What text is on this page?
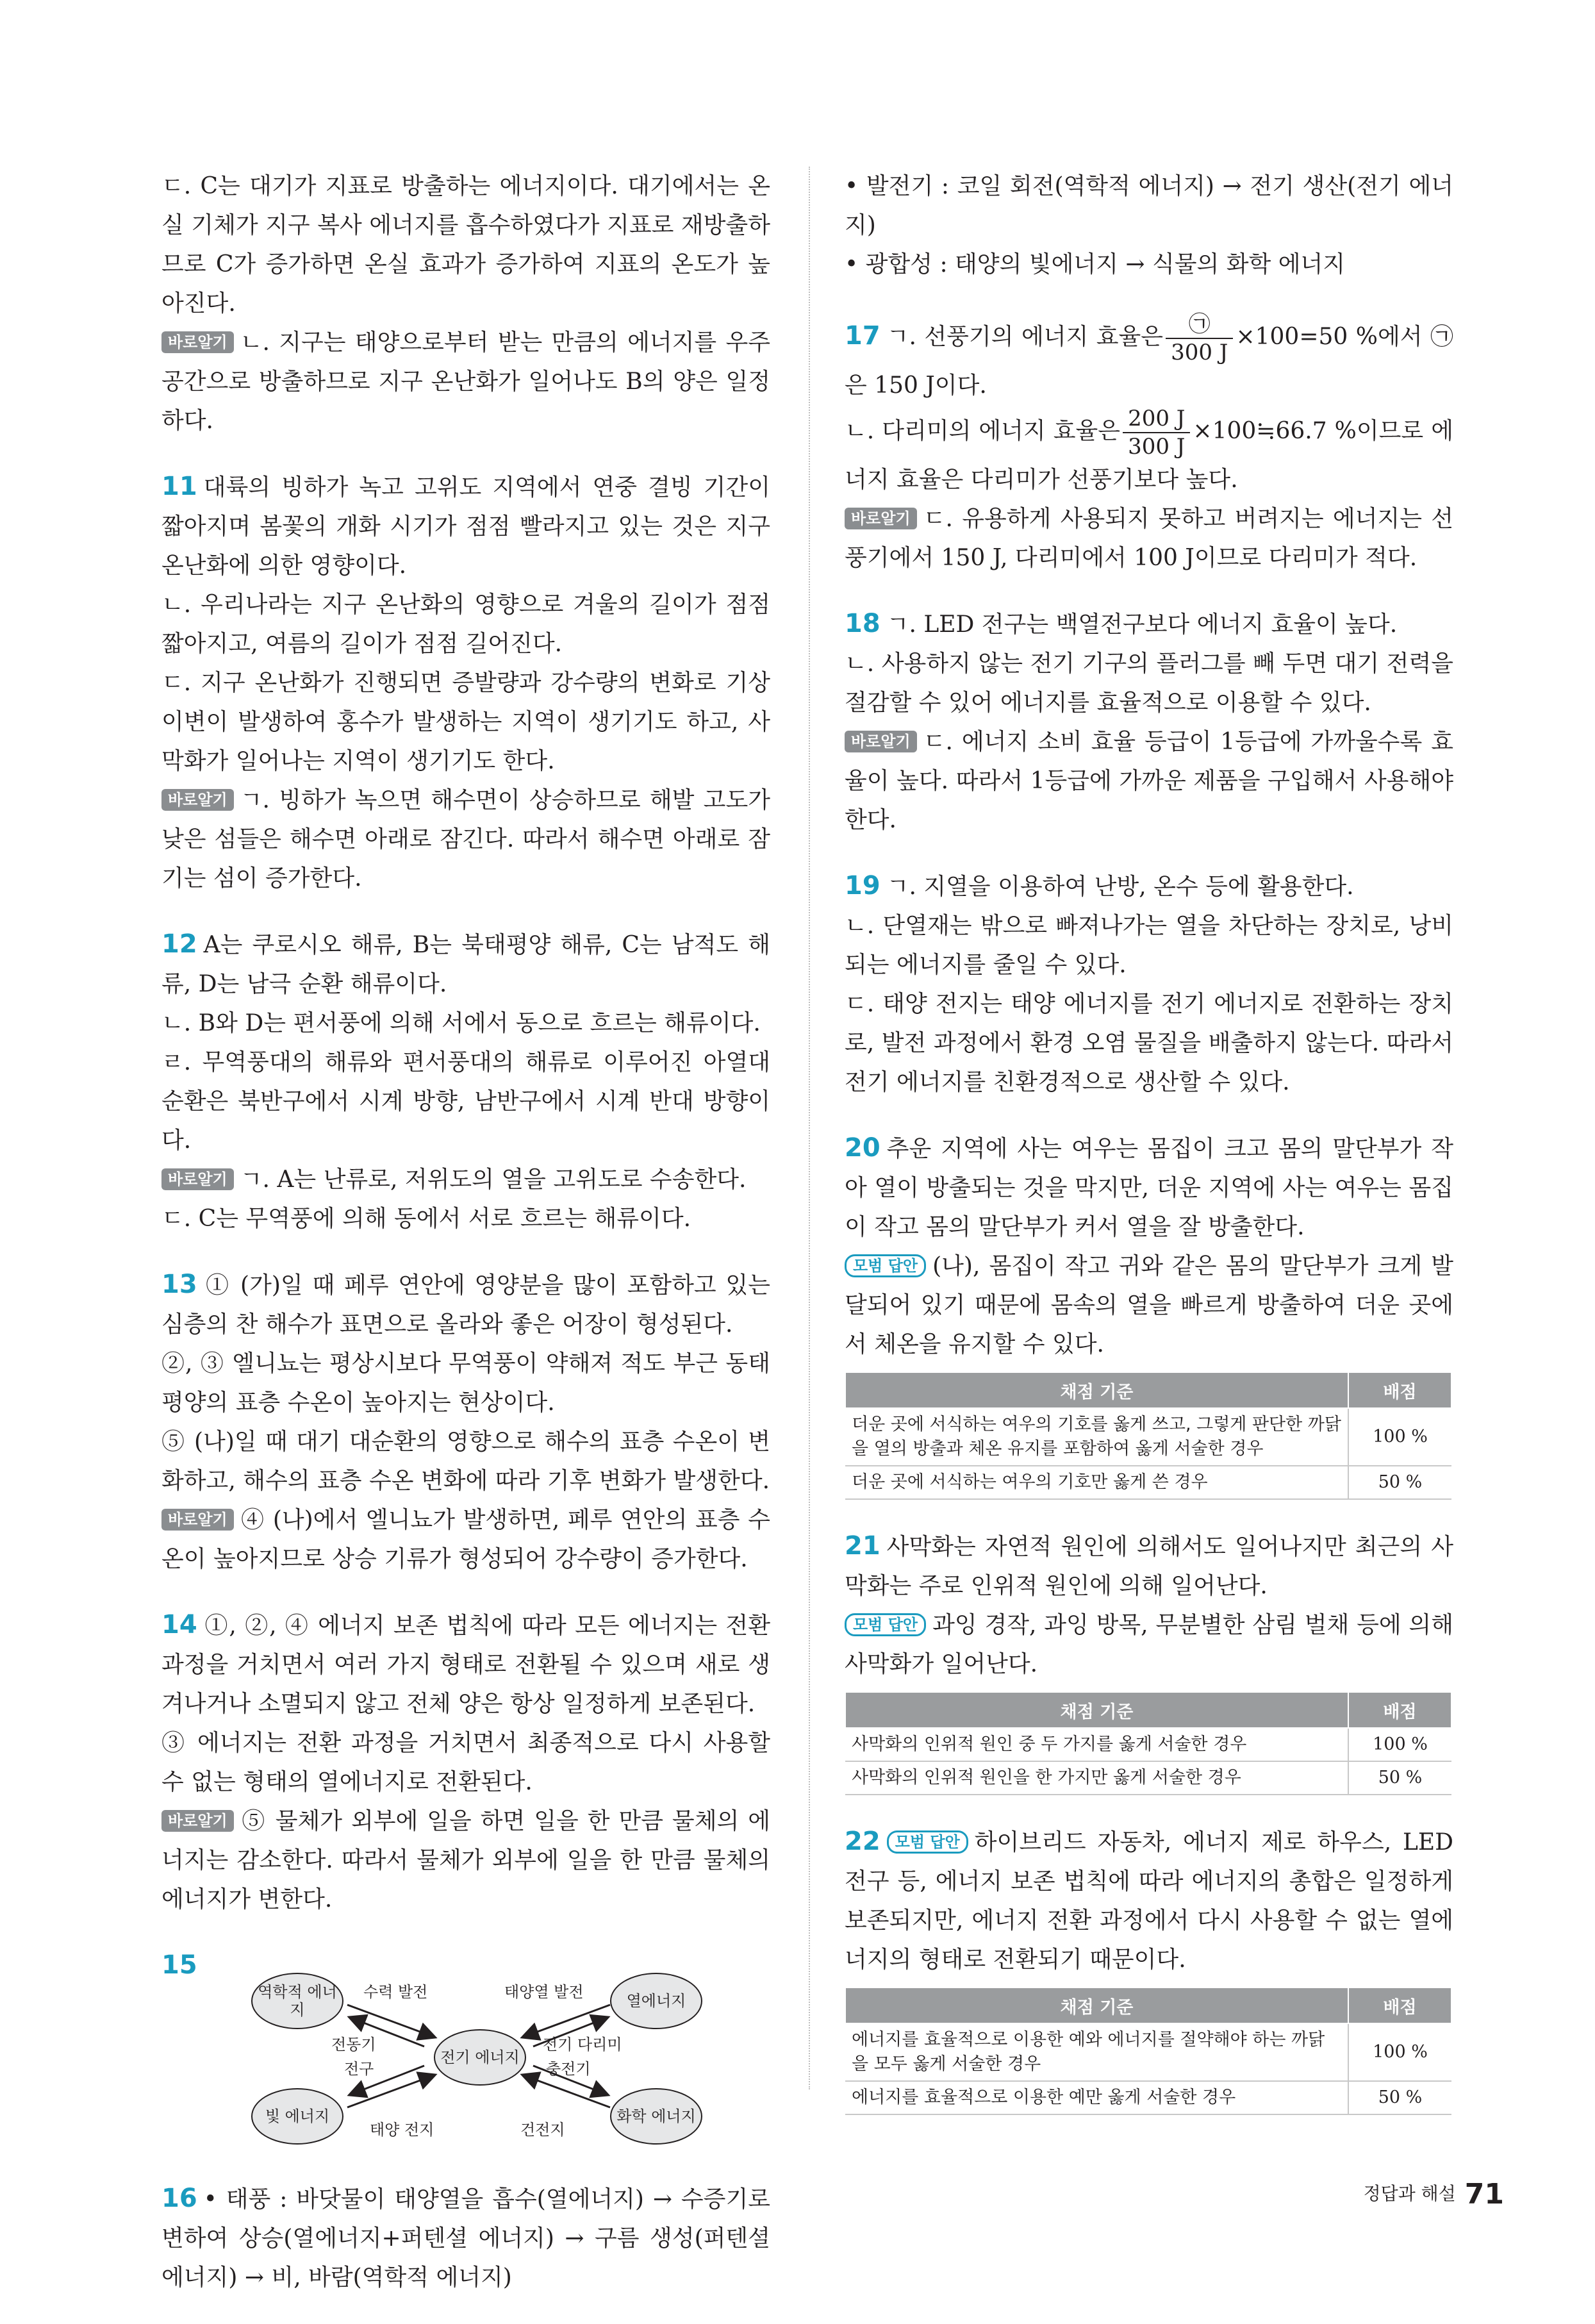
ㄷ. C는 대기가 지표로 방출하는 에너지이다. 대기에서는 온실 기체가 지구 복사 에너지를 흡수하였다가 지표로 재방출하므로 C가 증가하면 온실 효과가 증가하여 지표의 온도가 높아진다.

바로알기 ㄴ. 지구는 태양으로부터 받는 만큼의 에너지를 우주 공간으로 방출하므로 지구 온난화가 일어나도 B의 양은 일정하다.

11 대륙의 빙하가 녹고 고위도 지역에서 연중 결빙 기간이 짧아지며 봄꽃의 개화 시기가 점점 빨라지고 있는 것은 지구 온난화에 의한 영향이다.

ㄴ. 우리나라는 지구 온난화의 영향으로 겨울의 길이가 점점 짧아지고, 여름의 길이가 점점 길어진다.

ㄷ. 지구 온난화가 진행되면 증발량과 강수량의 변화로 기상 이변이 발생하여 홍수가 발생하는 지역이 생기기도 하고, 사막화가 일어나는 지역이 생기기도 한다.

바로알기 ㄱ. 빙하가 녹으면 해수면이 상승하므로 해발 고도가 낮은 섬들은 해수면 아래로 잠긴다. 따라서 해수면 아래로 잠기는 섬이 증가한다.

12 A는 쿠로시오 해류, B는 북태평양 해류, C는 남적도 해류, D는 남극 순환 해류이다.

ㄴ. B와 D는 편서풍에 의해 서에서 동으로 흐르는 해류이다.

ㄹ. 무역풍대의 해류와 편서풍대의 해류로 이루어진 아열대 순환은 북반구에서 시계 방향, 남반구에서 시계 반대 방향이다.

바로알기 ㄱ. A는 난류로, 저위도의 열을 고위도로 수송한다.

ㄷ. C는 무역풍에 의해 동에서 서로 흐르는 해류이다.

13 ① (가)일 때 페루 연안에 영양분을 많이 포함하고 있는 심층의 찬 해수가 표면으로 올라와 좋은 어장이 형성된다.

②, ③ 엘니뇨는 평상시보다 무역풍이 약해져 적도 부근 동태평양의 표층 수온이 높아지는 현상이다.

⑤ (나)일 때 대기 대순환의 영향으로 해수의 표층 수온이 변화하고, 해수의 표층 수온 변화에 따라 기후 변화가 발생한다.

바로알기 ④ (나)에서 엘니뇨가 발생하면, 페루 연안의 표층 수온이 높아지므로 상승 기류가 형성되어 강수량이 증가한다.

14 ①, ②, ④ 에너지 보존 법칙에 따라 모든 에너지는 전환 과정을 거치면서 여러 가지 형태로 전환될 수 있으며 새로 생겨나거나 소멸되지 않고 전체 양은 항상 일정하게 보존된다.

③ 에너지는 전환 과정을 거치면서 최종적으로 다시 사용할 수 없는 형태의 열에너지로 전환된다.

바로알기 ⑤ 물체가 외부에 일을 하면 일을 한 만큼 물체의 에너지는 감소한다. 따라서 물체가 외부에 일을 한 만큼 물체의 에너지가 변한다.

15

역학적 에너지	열에너지
전기 에너지
빛 에너지	화학 에너지
수력 발전	태양열 발전
전동기
전구
전기 다리미
충전기
태양 전지	건전지

16 • 태풍 : 바닷물이 태양열을 흡수(열에너지) → 수증기로 변하여 상승(열에너지+퍼텐셜 에너지) → 구름 생성(퍼텐셜 에너지) → 비, 바람(역학적 에너지)

• 발전기 : 코일 회전(역학적 에너지) → 전기 생산(전기 에너지)

• 광합성 : 태양의 빛에너지 → 식물의 화학 에너지

17 ㄱ. 선풍기의 에너지 효율은 $\frac{㉠}{300 J} \times 100=50$ %에서 ㉠은 150 J이다.

ㄴ. 다리미의 에너지 효율은 $\frac{200 J}{300 J}$ ×100≒66.7 %이므로 에너지 효율은 다리미가 선풍기보다 높다.

바로알기 ㄷ. 유용하게 사용되지 못하고 버려지는 에너지는 선풍기에서 150 J, 다리미에서 100 J이므로 다리미가 적다.

18 ㄱ. LED 전구는 백열전구보다 에너지 효율이 높다.

ㄴ. 사용하지 않는 전기 기구의 플러그를 빼 두면 대기 전력을 절감할 수 있어 에너지를 효율적으로 이용할 수 있다.

바로알기 ㄷ. 에너지 소비 효율 등급이 1등급에 가까울수록 효율이 높다. 따라서 1등급에 가까운 제품을 구입해서 사용해야 한다.

19 ㄱ. 지열을 이용하여 난방, 온수 등에 활용한다.

ㄴ. 단열재는 밖으로 빠져나가는 열을 차단하는 장치로, 낭비되는 에너지를 줄일 수 있다.

ㄷ. 태양 전지는 태양 에너지를 전기 에너지로 전환하는 장치로, 발전 과정에서 환경 오염 물질을 배출하지 않는다. 따라서 전기 에너지를 친환경적으로 생산할 수 있다.

20 추운 지역에 사는 여우는 몸집이 크고 몸의 말단부가 작아 열이 방출되는 것을 막지만, 더운 지역에 사는 여우는 몸집이 작고 몸의 말단부가 커서 열을 잘 방출한다.

모범 답안 (나), 몸집이 작고 귀와 같은 몸의 말단부가 크게 발달되어 있기 때문에 몸속의 열을 빠르게 방출하여 더운 곳에서 체온을 유지할 수 있다.

채점 기준	배점
더운 곳에 서식하는 여우의 기호를 옳게 쓰고, 그렇게 판단한 까닭을 열의 방출과 체온 유지를 포함하여 옳게 서술한 경우	100 %
더운 곳에 서식하는 여우의 기호만 옳게 쓴 경우	50 %

21 사막화는 자연적 원인에 의해서도 일어나지만 최근의 사막화는 주로 인위적 원인에 의해 일어난다.

모범 답안 과잉 경작, 과잉 방목, 무분별한 삼림 벌채 등에 의해 사막화가 일어난다.

채점 기준	배점
사막화의 인위적 원인 중 두 가지를 옳게 서술한 경우	100 %
사막화의 인위적 원인을 한 가지만 옳게 서술한 경우	50 %

22 모범 답안 하이브리드 자동차, 에너지 제로 하우스, LED 전구 등, 에너지 보존 법칙에 따라 에너지의 총합은 일정하게 보존되지만, 에너지 전환 과정에서 다시 사용할 수 없는 열에너지의 형태로 전환되기 때문이다.

채점 기준	배점
에너지를 효율적으로 이용한 예와 에너지를 절약해야 하는 까닭을 모두 옳게 서술한 경우	100 %
에너지를 효율적으로 이용한 예만 옳게 서술한 경우	50 %
정답과 해설 71
